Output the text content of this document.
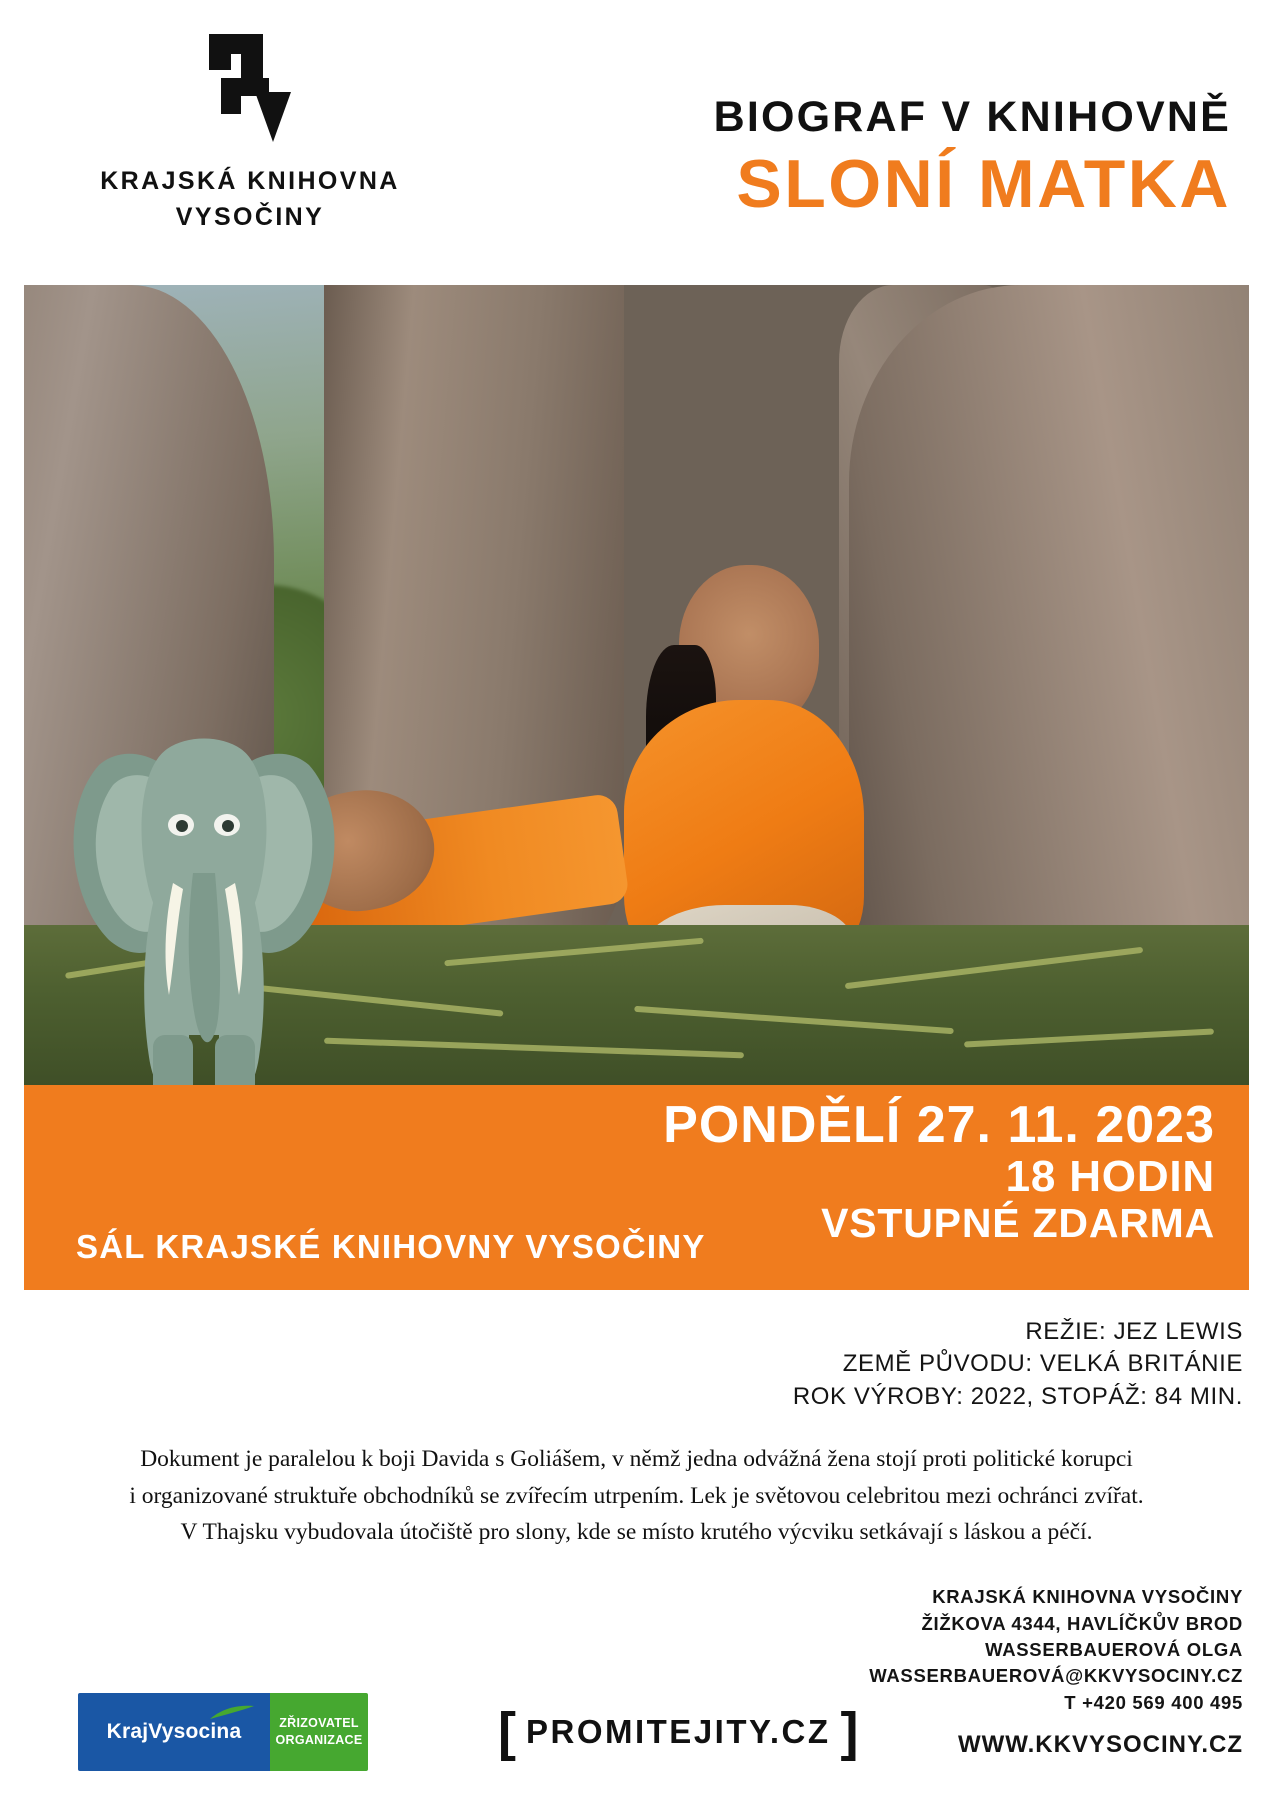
KRAJSKÁ KNIHOVNA
VYSOČINY
BIOGRAF V KNIHOVNĚ
SLONÍ MATKA
SÁL KRAJSKÉ KNIHOVNY VYSOČINY
PONDĚLÍ 27. 11. 2023
18 HODIN
VSTUPNÉ ZDARMA
REŽIE: JEZ LEWIS
ZEMĚ PŮVODU: VELKÁ BRITÁNIE
ROK VÝROBY: 2022, STOPÁŽ: 84 MIN.
Dokument je paralelou k boji Davida s Goliášem, v němž jedna odvážná žena stojí proti politické korupci
i organizované struktuře obchodníků se zvířecím utrpením. Lek je světovou celebritou mezi ochránci zvířat.
V Thajsku vybudovala útočiště pro slony, kde se místo krutého výcviku setkávají s láskou a péčí.
KRAJSKÁ KNIHOVNA VYSOČINY
ŽIŽKOVA 4344, HAVLÍČKŮV BROD
WASSERBAUEROVÁ OLGA
WASSERBAUEROVÁ@KKVYSOCINY.CZ
T +420 569 400 495
WWW.KKVYSOCINY.CZ
KrajVysocina	ZŘIZOVATEL
ORGANIZACE	[ PROMITEJITY.CZ ]
